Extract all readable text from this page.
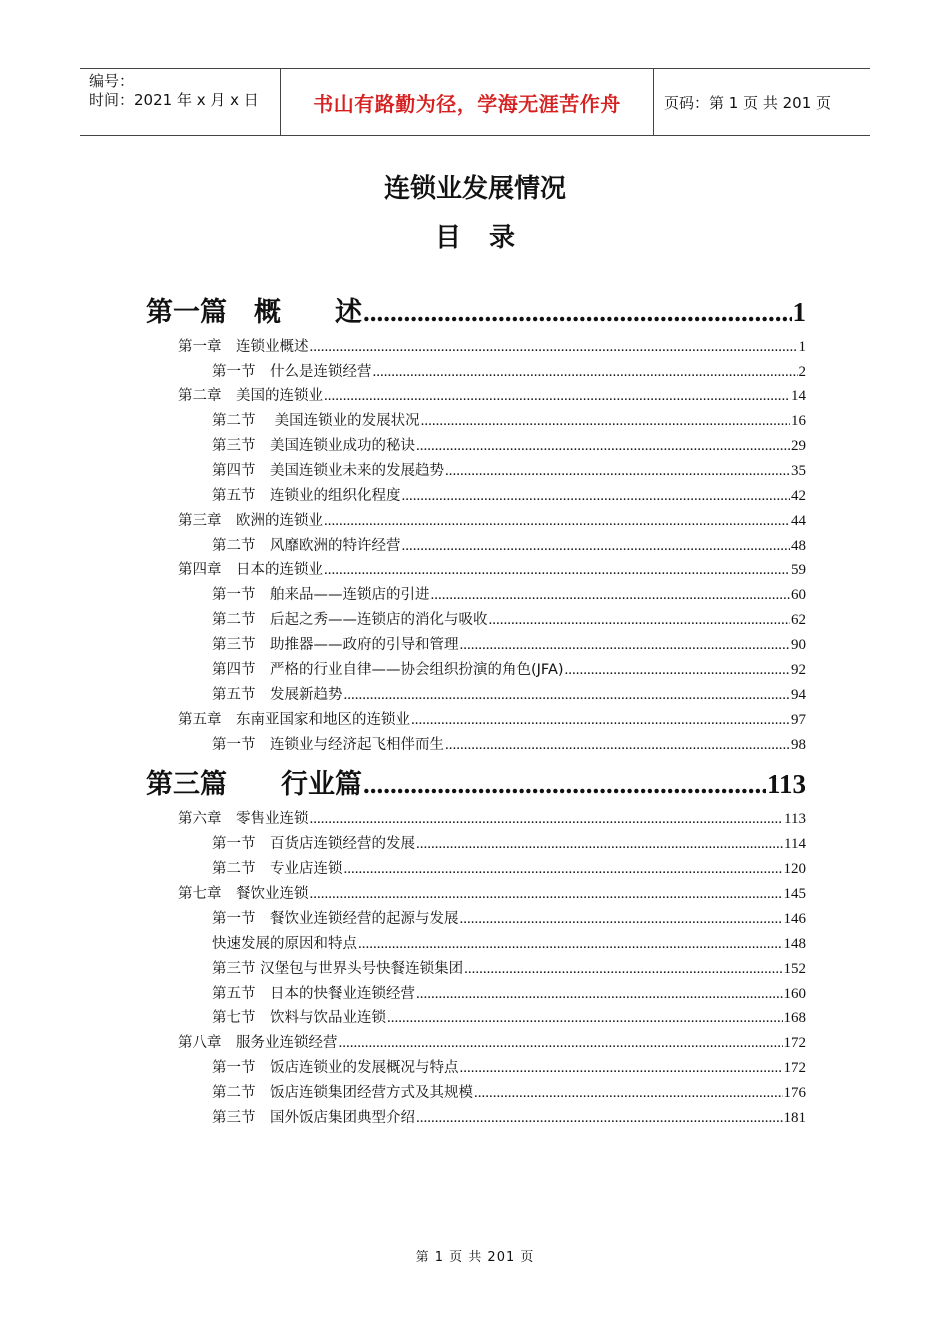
编号：
时间：2021 年 x 月 x 日	书山有路勤为径，学海无涯苦作舟	页码：第 1 页 共 201 页
连锁业发展情况
目录
第一篇　概　　述 .....	1
第一章　连锁业概述 .....	1
第一节　什么是连锁经营 .....	2
第二章　美国的连锁业 .....	14
第二节　 美国连锁业的发展状况 .....	16
第三节　美国连锁业成功的秘诀 .....	29
第四节　美国连锁业未来的发展趋势 .....	35
第五节　连锁业的组织化程度 .....	42
第三章　欧洲的连锁业 .....	44
第二节　风靡欧洲的特许经营 .....	48
第四章　日本的连锁业 .....	59
第一节　舶来品——连锁店的引进 .....	60
第二节　后起之秀——连锁店的消化与吸收 .....	62
第三节　助推器——政府的引导和管理 .....	90
第四节　严格的行业自律——协会组织扮演的角色(JFA) .....	92
第五节　发展新趋势 .....	94
第五章　东南亚国家和地区的连锁业 .....	97
第一节　连锁业与经济起飞相伴而生 .....	98
第三篇　　行业篇 .....	113
第六章　零售业连锁 .....	113
第一节　百货店连锁经营的发展 .....	114
第二节　专业店连锁 .....	120
第七章　餐饮业连锁 .....	145
第一节　餐饮业连锁经营的起源与发展 .....	146
快速发展的原因和特点 .....	148
第三节 汉堡包与世界头号快餐连锁集团 .....	152
第五节　日本的快餐业连锁经营 .....	160
第七节　饮料与饮品业连锁 .....	168
第八章　服务业连锁经营 .....	172
第一节　饭店连锁业的发展概况与特点 .....	172
第二节　饭店连锁集团经营方式及其规模 .....	176
第三节　国外饭店集团典型介绍 .....	181
第 1 页 共 201 页
